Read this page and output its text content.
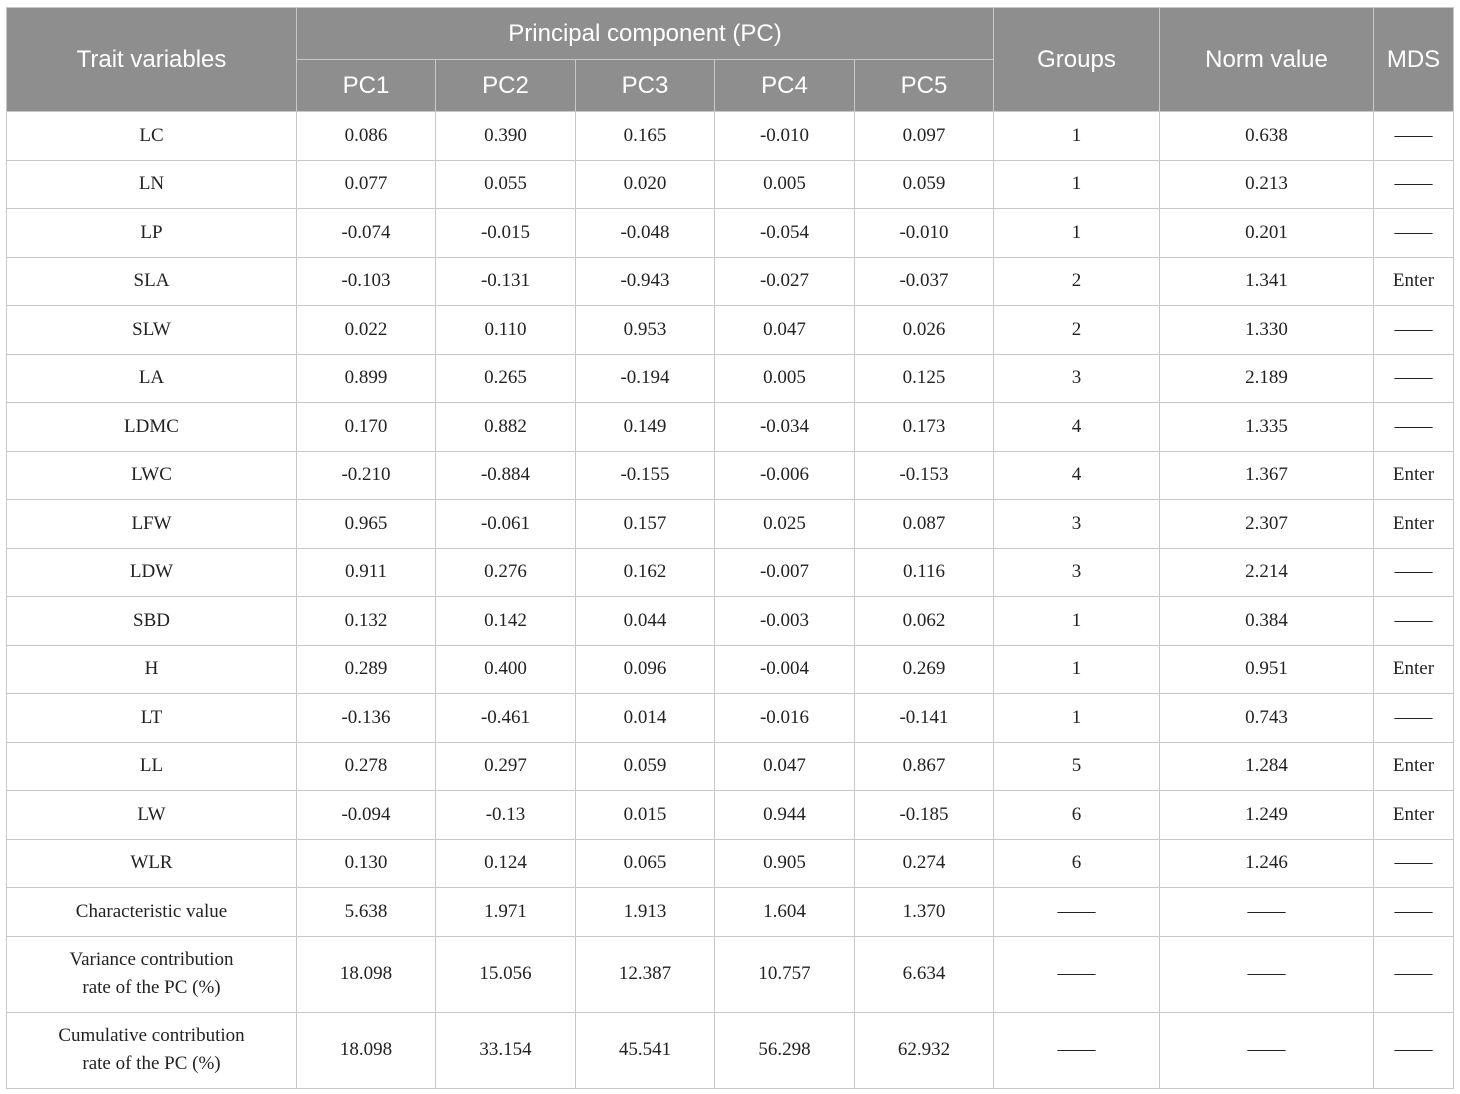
Trait variables	Principal component (PC)					Groups	Norm value	MDS
	PC1	PC2	PC3	PC4	PC5			
LC	0.086	0.390	0.165	-0.010	0.097	1	0.638	——
LN	0.077	0.055	0.020	0.005	0.059	1	0.213	——
LP	-0.074	-0.015	-0.048	-0.054	-0.010	1	0.201	——
SLA	-0.103	-0.131	-0.943	-0.027	-0.037	2	1.341	Enter
SLW	0.022	0.110	0.953	0.047	0.026	2	1.330	——
LA	0.899	0.265	-0.194	0.005	0.125	3	2.189	——
LDMC	0.170	0.882	0.149	-0.034	0.173	4	1.335	——
LWC	-0.210	-0.884	-0.155	-0.006	-0.153	4	1.367	Enter
LFW	0.965	-0.061	0.157	0.025	0.087	3	2.307	Enter
LDW	0.911	0.276	0.162	-0.007	0.116	3	2.214	——
SBD	0.132	0.142	0.044	-0.003	0.062	1	0.384	——
H	0.289	0.400	0.096	-0.004	0.269	1	0.951	Enter
LT	-0.136	-0.461	0.014	-0.016	-0.141	1	0.743	——
LL	0.278	0.297	0.059	0.047	0.867	5	1.284	Enter
LW	-0.094	-0.13	0.015	0.944	-0.185	6	1.249	Enter
WLR	0.130	0.124	0.065	0.905	0.274	6	1.246	——
Characteristic value	5.638	1.971	1.913	1.604	1.370	——	——	——

Variance contribution
rate of the PC (%)	18.098	15.056	12.387	10.757	6.634	——	——	——

Cumulative contribution
rate of the PC (%)	18.098	33.154	45.541	56.298	62.932	——	——	——
